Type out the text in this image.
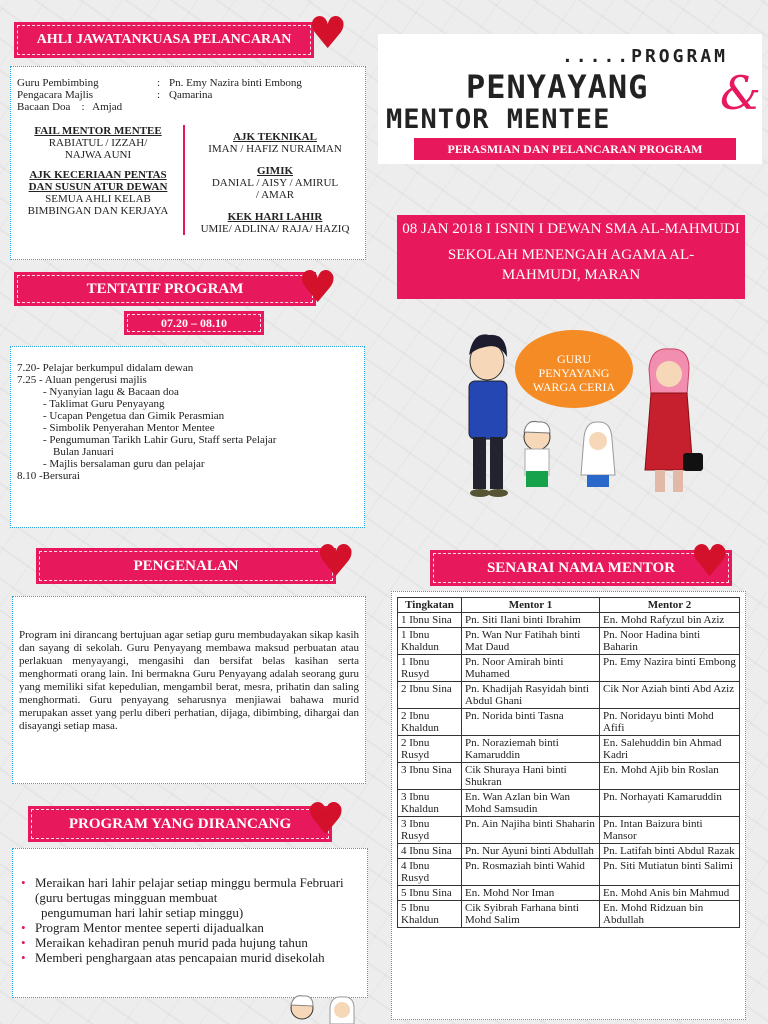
AHLI JAWATANKUASA PELANCARAN ♥
Guru Pembimbing	: Pn. Emy Nazira binti Embong
Pengacara Majlis	: Qamarina
Bacaan Doa    :   Amjad
FAIL MENTOR MENTEE
RABIATUL / IZZAH/ NAJWA AUNI
AJK KECERIAAN PENTAS DAN SUSUN ATUR DEWAN
SEMUA AHLI KELAB BIMBINGAN DAN KERJAYA
AJK TEKNIKAL
IMAN / HAFIZ NURAIMAN
GIMIK
DANIAL / AISY / AMIRUL / AMAR
KEK HARI LAHIR
UMIE/ ADLINA/ RAJA/ HAZIQ
.....PROGRAM
PENYAYANG &
MENTOR MENTEE
PERASMIAN DAN PELANCARAN PROGRAM
08 JAN 2018 I ISNIN I DEWAN SMA AL-MAHMUDI
SEKOLAH MENENGAH AGAMA AL-MAHMUDI, MARAN
GURU PENYAYANG WARGA CERIA
TENTATIF PROGRAM	♥
07.20 – 08.10
7.20- Pelajar berkumpul didalam dewan
7.25 - Aluan pengerusi majlis
- Nyanyian lagu & Bacaan doa
- Taklimat Guru Penyayang
- Ucapan Pengetua dan Gimik Perasmian
- Simbolik Penyerahan Mentor Mentee
- Pengumuman Tarikh Lahir Guru, Staff serta Pelajar
Bulan Januari
- Majlis bersalaman guru dan pelajar
8.10 -Bersurai
PENGENALAN	♥
Program ini dirancang bertujuan agar setiap guru membudayakan sikap kasih dan sayang di sekolah. Guru Penyayang membawa maksud perbuatan atau perlakuan menyayangi, mengasihi dan bersifat belas kasihan serta menghormati orang lain. Ini bermakna Guru Penyayang adalah seorang guru yang memiliki sifat kepedulian, mengambil berat, mesra, prihatin dan saling menghormati. Guru penyayang seharusnya menjiawai bahawa murid merupakan asset yang perlu diberi perhatian, dijaga, dibimbing, dihargai dan disayangi setiap masa.
PROGRAM YANG DIRANCANG ♥
• Meraikan hari lahir pelajar setiap minggu bermula Februari
(guru bertugas mingguan membuat
pengumuman hari lahir setiap minggu)
• Program Mentor mentee seperti dijadualkan
• Meraikan kehadiran penuh murid pada hujung tahun
• Memberi penghargaan atas pencapaian murid disekolah
SENARAI NAMA MENTOR ♥
Tingkatan	Mentor 1	Mentor 2
1 Ibnu Sina	Pn. Siti Ilani binti Ibrahim	En. Mohd Rafyzul bin Aziz
1 Ibnu Khaldun	Pn. Wan Nur Fatihah binti Mat Daud	Pn. Noor Hadina binti Baharin
1 Ibnu Rusyd	Pn. Noor Amirah binti Muhamed	Pn. Emy Nazira binti Embong
2 Ibnu Sina	Pn. Khadijah Rasyidah binti Abdul Ghani	Cik Nor Aziah binti Abd Aziz
2 Ibnu Khaldun	Pn. Norida binti Tasna	Pn. Noridayu binti Mohd Afifi
2 Ibnu Rusyd	Pn. Noraziemah binti Kamaruddin	En. Salehuddin bin Ahmad Kadri
3 Ibnu Sina	Cik Shuraya Hani binti Shukran	En. Mohd Ajib bin Roslan
3 Ibnu Khaldun	En. Wan Azlan bin Wan Mohd Samsudin	Pn. Norhayati Kamaruddin
3 Ibnu Rusyd	Pn. Ain Najiha binti Shaharin	Pn. Intan Baizura binti Mansor
4 Ibnu Sina	Pn. Nur Ayuni binti Abdullah	Pn. Latifah binti Abdul Razak
4 Ibnu Rusyd	Pn. Rosmaziah binti Wahid	Pn. Siti Mutiatun binti Salimi
5 Ibnu Sina	En. Mohd Nor Iman	En. Mohd Anis bin Mahmud
5 Ibnu Khaldun	Cik Syibrah Farhana binti Mohd Salim	En. Mohd Ridzuan bin Abdullah
